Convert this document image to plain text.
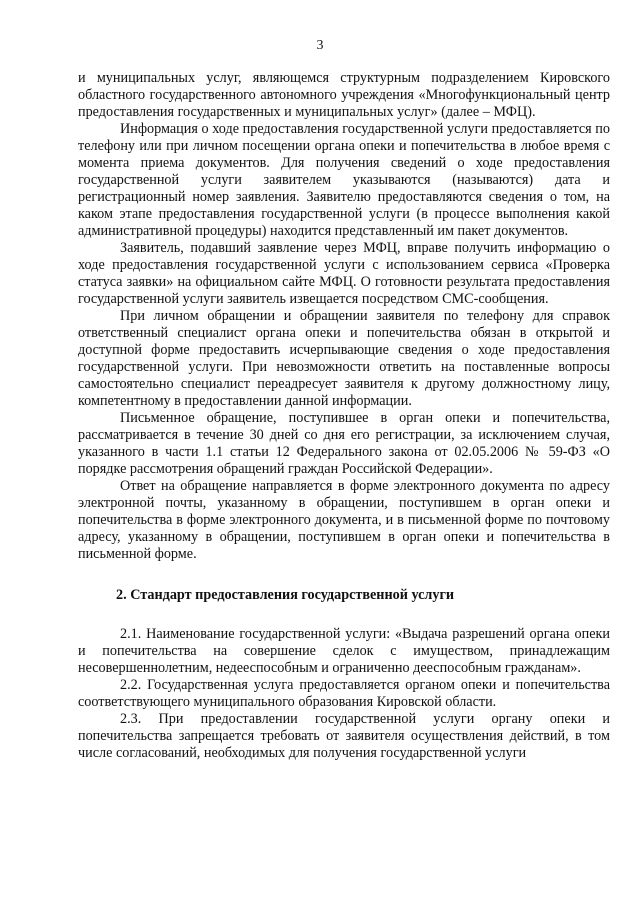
3

и муниципальных услуг, являющемся структурным подразделением Кировского областного государственного автономного учреждения «Многофункциональный центр предоставления государственных и муниципальных услуг» (далее – МФЦ).

Информация о ходе предоставления государственной услуги предоставляется по телефону или при личном посещении органа опеки и попечительства в любое время с момента приема документов. Для получения сведений о ходе предоставления государственной услуги заявителем указываются (называются) дата и регистрационный номер заявления. Заявителю предоставляются сведения о том, на каком этапе предоставления государственной услуги (в процессе выполнения какой административной процедуры) находится представленный им пакет документов.

Заявитель, подавший заявление через МФЦ, вправе получить информацию о ходе предоставления государственной услуги с использованием сервиса «Проверка статуса заявки» на официальном сайте МФЦ. О готовности результата предоставления государственной услуги заявитель извещается посредством СМС-сообщения.

При личном обращении и обращении заявителя по телефону для справок ответственный специалист органа опеки и попечительства обязан в открытой и доступной форме предоставить исчерпывающие сведения о ходе предоставления государственной услуги. При невозможности ответить на поставленные вопросы самостоятельно специалист переадресует заявителя к другому должностному лицу, компетентному в предоставлении данной информации.

Письменное обращение, поступившее в орган опеки и попечительства, рассматривается в течение 30 дней со дня его регистрации, за исключением случая, указанного в части 1.1 статьи 12 Федерального закона от 02.05.2006 № 59-ФЗ «О порядке рассмотрения обращений граждан Российской Федерации».

Ответ на обращение направляется в форме электронного документа по адресу электронной почты, указанному в обращении, поступившем в орган опеки и попечительства в форме электронного документа, и в письменной форме по почтовому адресу, указанному в обращении, поступившем в орган опеки и попечительства в письменной форме.

2. Стандарт предоставления государственной услуги

2.1. Наименование государственной услуги: «Выдача разрешений органа опеки и попечительства на совершение сделок с имуществом, принадлежащим несовершеннолетним, недееспособным и ограниченно дееспособным гражданам».

2.2. Государственная услуга предоставляется органом опеки и попечительства соответствующего муниципального образования Кировской области.

2.3. При предоставлении государственной услуги органу опеки и попечительства запрещается требовать от заявителя осуществления действий, в том числе согласований, необходимых для получения государственной услуги
